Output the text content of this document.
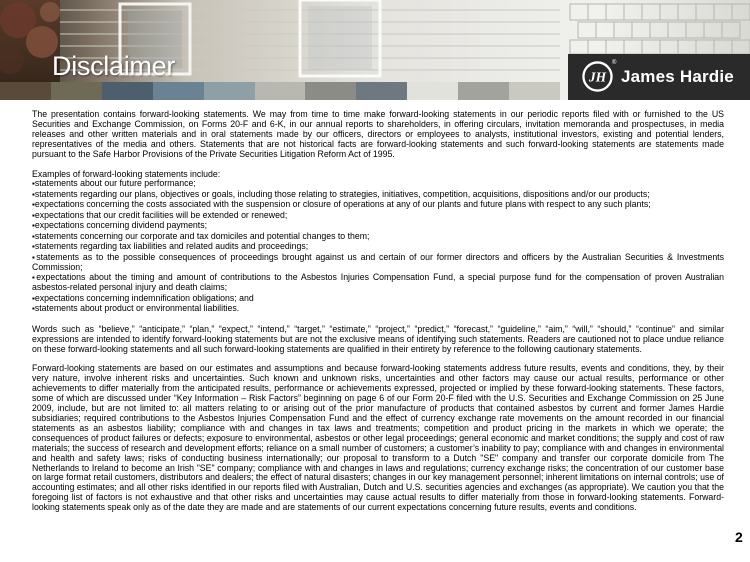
Disclaimer	JH
®
James Hardie

The presentation contains forward-looking statements. We may from time to time make forward-looking statements in our periodic reports filed with or furnished to the US Securities and Exchange Commission, on Forms 20-F and 6-K, in our annual reports to shareholders, in offering circulars, invitation memoranda and prospectuses, in media releases and other written materials and in oral statements made by our officers, directors or employees to analysts, institutional investors, existing and potential lenders, representatives of the media and others. Statements that are not historical facts are forward-looking statements and such forward-looking statements are statements made pursuant to the Safe Harbor Provisions of the Private Securities Litigation Reform Act of 1995.

Examples of forward-looking statements include:

▪ statements about our future performance;
▪ statements regarding our plans, objectives or goals, including those relating to strategies, initiatives, competition, acquisitions, dispositions and/or our products;
▪ expectations concerning the costs associated with the suspension or closure of operations at any of our plants and future plans with respect to any such plants;
▪ expectations that our credit facilities will be extended or renewed;
▪ expectations concerning dividend payments;
▪ statements concerning our corporate and tax domiciles and potential changes to them;
▪ statements regarding tax liabilities and related audits and proceedings;
▪ statements as to the possible consequences of proceedings brought against us and certain of our former directors and officers by the Australian Securities & Investments Commission;
▪ expectations about the timing and amount of contributions to the Asbestos Injuries Compensation Fund, a special purpose fund for the compensation of proven Australian asbestos-related personal injury and death claims;
▪ expectations concerning indemnification obligations; and
▪ statements about product or environmental liabilities.

Words such as “believe,” “anticipate,” “plan,” “expect,” “intend,” “target,” “estimate,” “project,” “predict,” “forecast,” “guideline,” “aim,” “will,” “should,” “continue” and similar expressions are intended to identify forward-looking statements but are not the exclusive means of identifying such statements. Readers are cautioned not to place undue reliance on these forward-looking statements and all such forward-looking statements are qualified in their entirety by reference to the following cautionary statements.

Forward-looking statements are based on our estimates and assumptions and because forward-looking statements address future results, events and conditions, they, by their very nature, involve inherent risks and uncertainties. Such known and unknown risks, uncertainties and other factors may cause our actual results, performance or other achievements to differ materially from the anticipated results, performance or achievements expressed, projected or implied by these forward-looking statements. These factors, some of which are discussed under “Key Information – Risk Factors” beginning on page 6 of our Form 20-F filed with the U.S. Securities and Exchange Commission on 25 June 2009, include, but are not limited to: all matters relating to or arising out of the prior manufacture of products that contained asbestos by current and former James Hardie subsidiaries; required contributions to the Asbestos Injuries Compensation Fund and the effect of currency exchange rate movements on the amount recorded in our financial statements as an asbestos liability; compliance with and changes in tax laws and treatments; competition and product pricing in the markets in which we operate; the consequences of product failures or defects; exposure to environmental, asbestos or other legal proceedings; general economic and market conditions; the supply and cost of raw materials; the success of research and development efforts; reliance on a small number of customers; a customer’s inability to pay; compliance with and changes in environmental and health and safety laws; risks of conducting business internationally; our proposal to transform to a Dutch "SE" company and transfer our corporate domicile from The Netherlands to Ireland to become an Irish "SE" company; compliance with and changes in laws and regulations; currency exchange risks; the concentration of our customer base on large format retail customers, distributors and dealers; the effect of natural disasters; changes in our key management personnel; inherent limitations on internal controls; use of accounting estimates; and all other risks identified in our reports filed with Australian, Dutch and U.S. securities agencies and exchanges (as appropriate). We caution you that the foregoing list of factors is not exhaustive and that other risks and uncertainties may cause actual results to differ materially from those in forward-looking statements. Forward-looking statements speak only as of the date they are made and are statements of our current expectations concerning future results, events and conditions.

2
